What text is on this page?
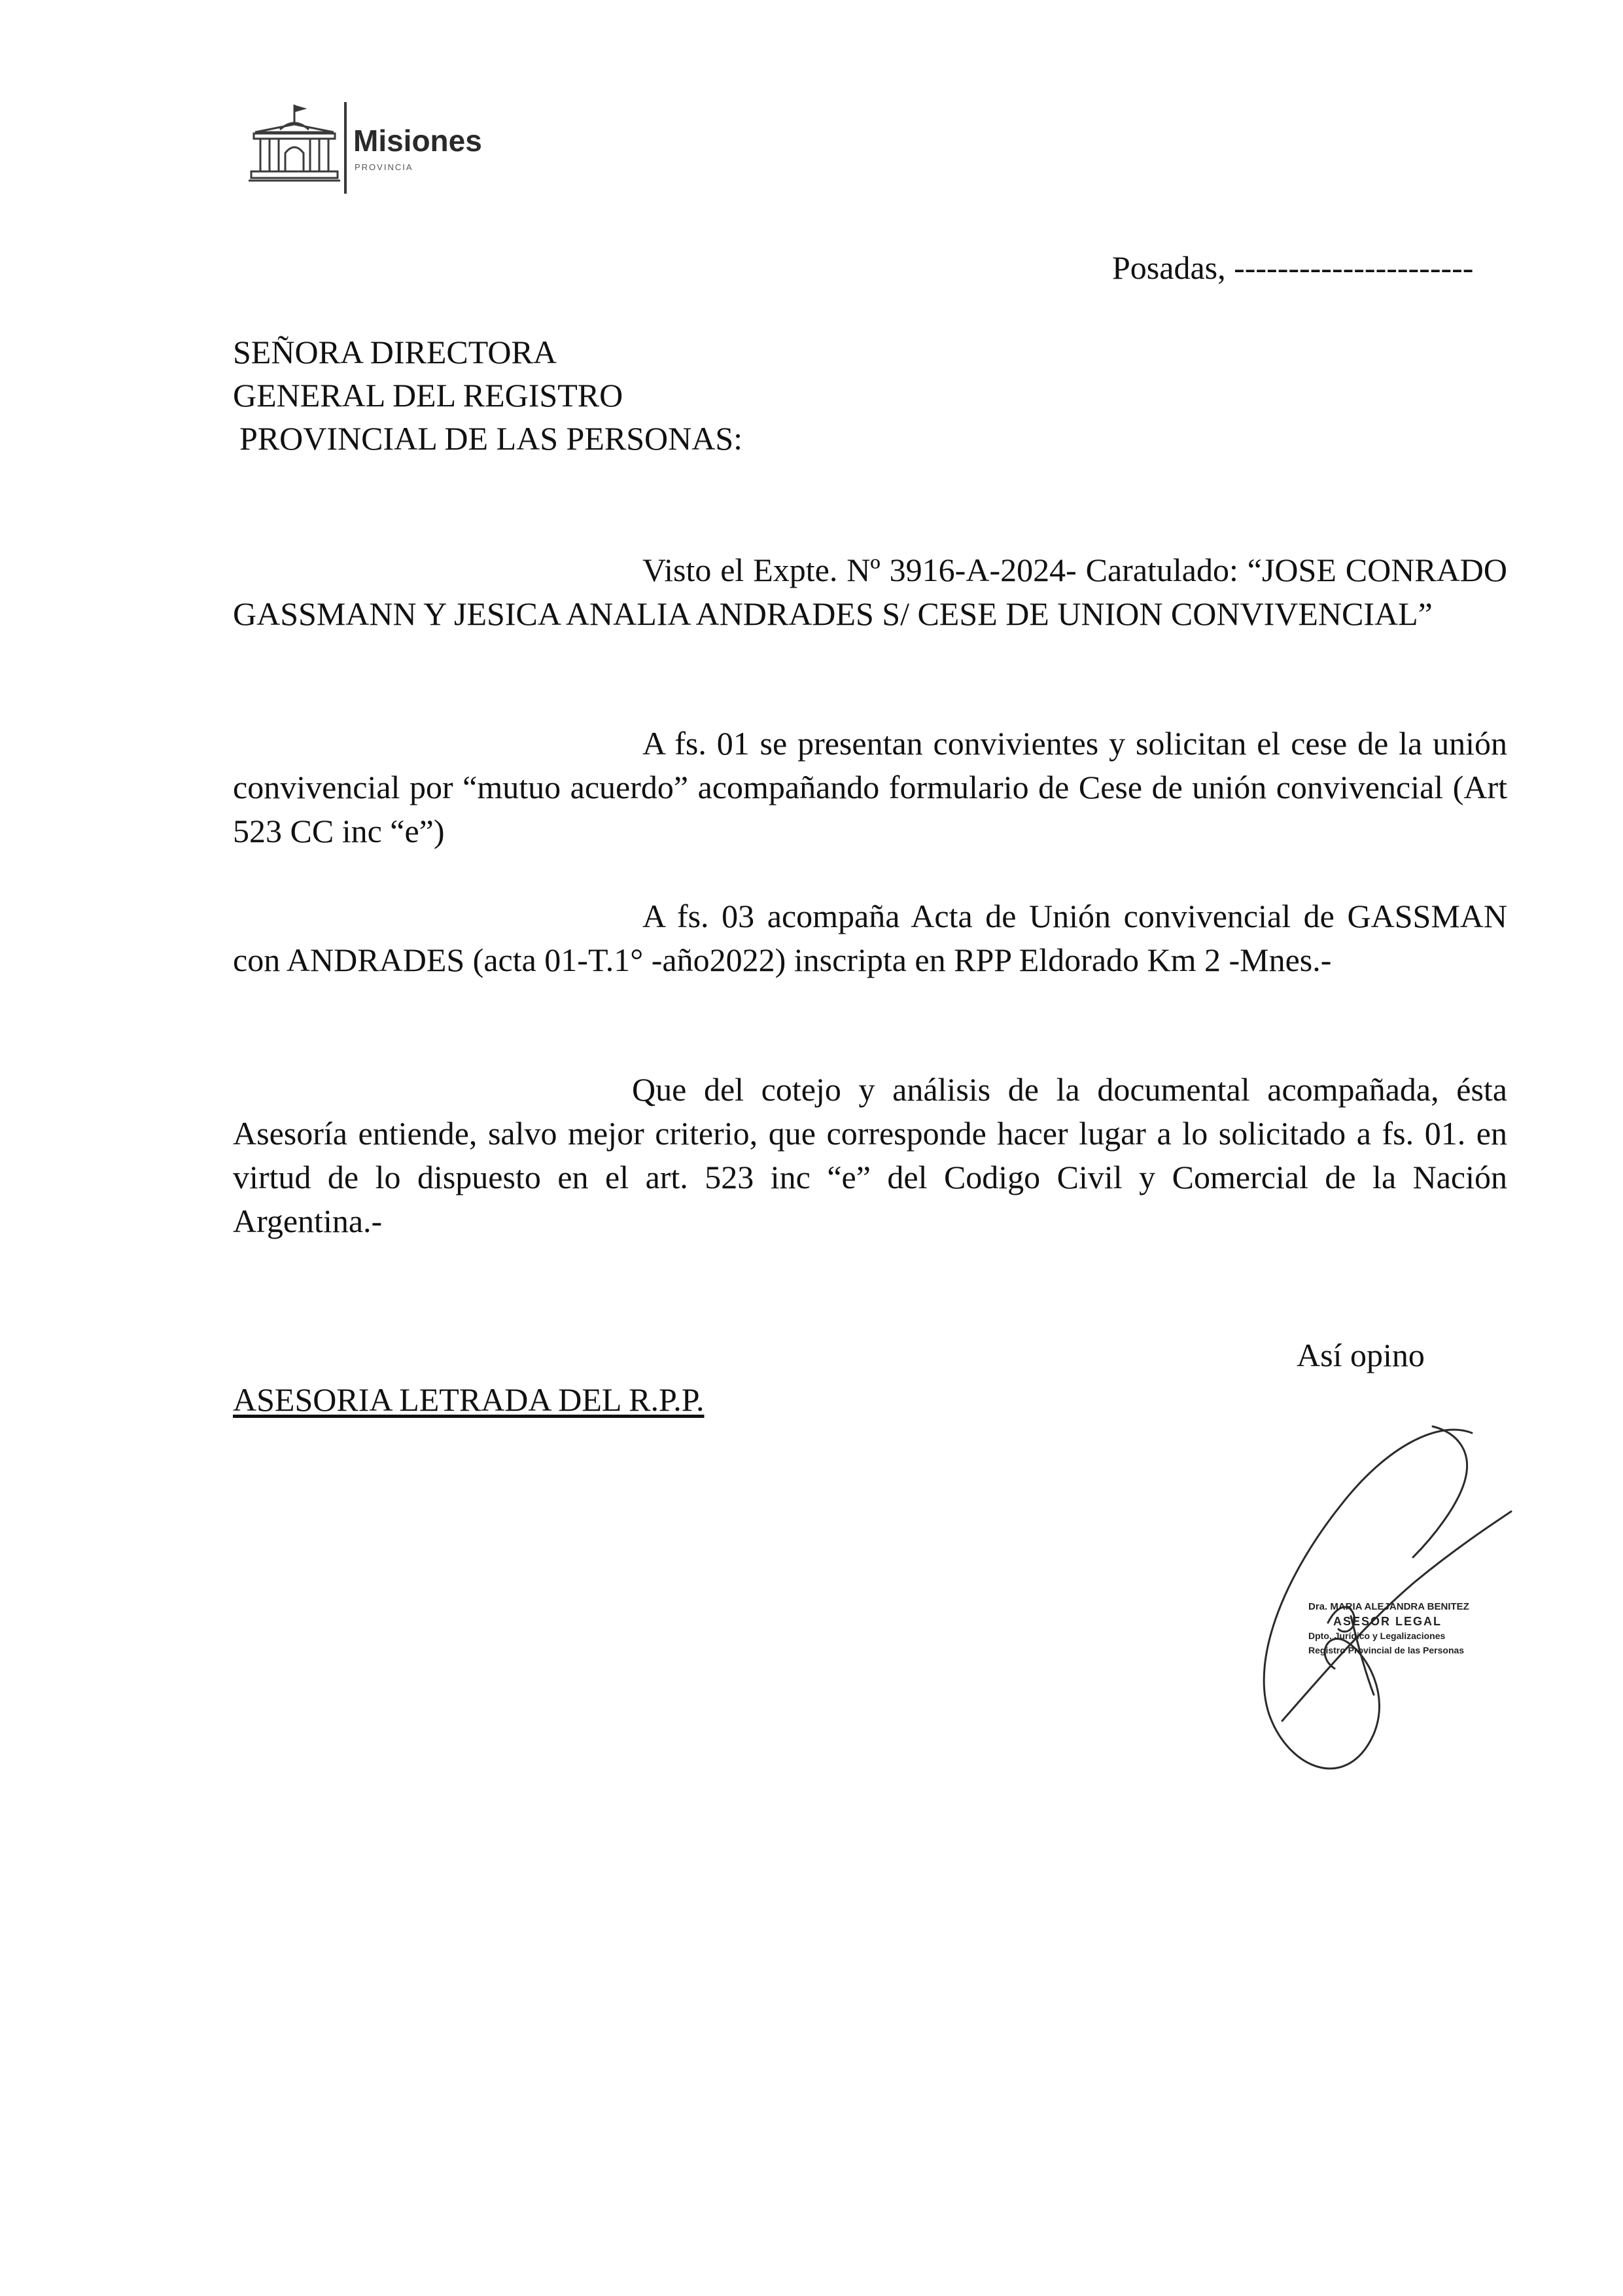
Misiones
PROVINCIA
Posadas, ----------------------
SEÑORA DIRECTORA
GENERAL DEL REGISTRO
PROVINCIAL DE LAS PERSONAS:
Visto el Expte. Nº 3916-A-2024- Caratulado: “JOSE CONRADO GASSMANN Y JESICA ANALIA ANDRADES S/ CESE DE UNION CONVIVENCIAL”
A fs. 01 se presentan convivientes y solicitan el cese de la unión convivencial por “mutuo acuerdo” acompañando formulario de Cese de unión convivencial (Art 523 CC inc “e”)
A fs. 03 acompaña Acta de Unión convivencial de GASSMAN con ANDRADES (acta 01-T.1° -año2022) inscripta en RPP Eldorado Km 2 -Mnes.-
Que del cotejo y análisis de la documental acompañada, ésta Asesoría entiende, salvo mejor criterio, que corresponde hacer lugar a lo solicitado a fs. 01. en virtud de lo dispuesto en el art. 523 inc “e” del Codigo Civil y Comercial de la Nación Argentina.-
Así opino
ASESORIA LETRADA DEL R.P.P.
Dra. MARIA ALEJANDRA BENITEZ
ASESOR LEGAL
Dpto. Jurídico y Legalizaciones
Registro Provincial de las Personas
